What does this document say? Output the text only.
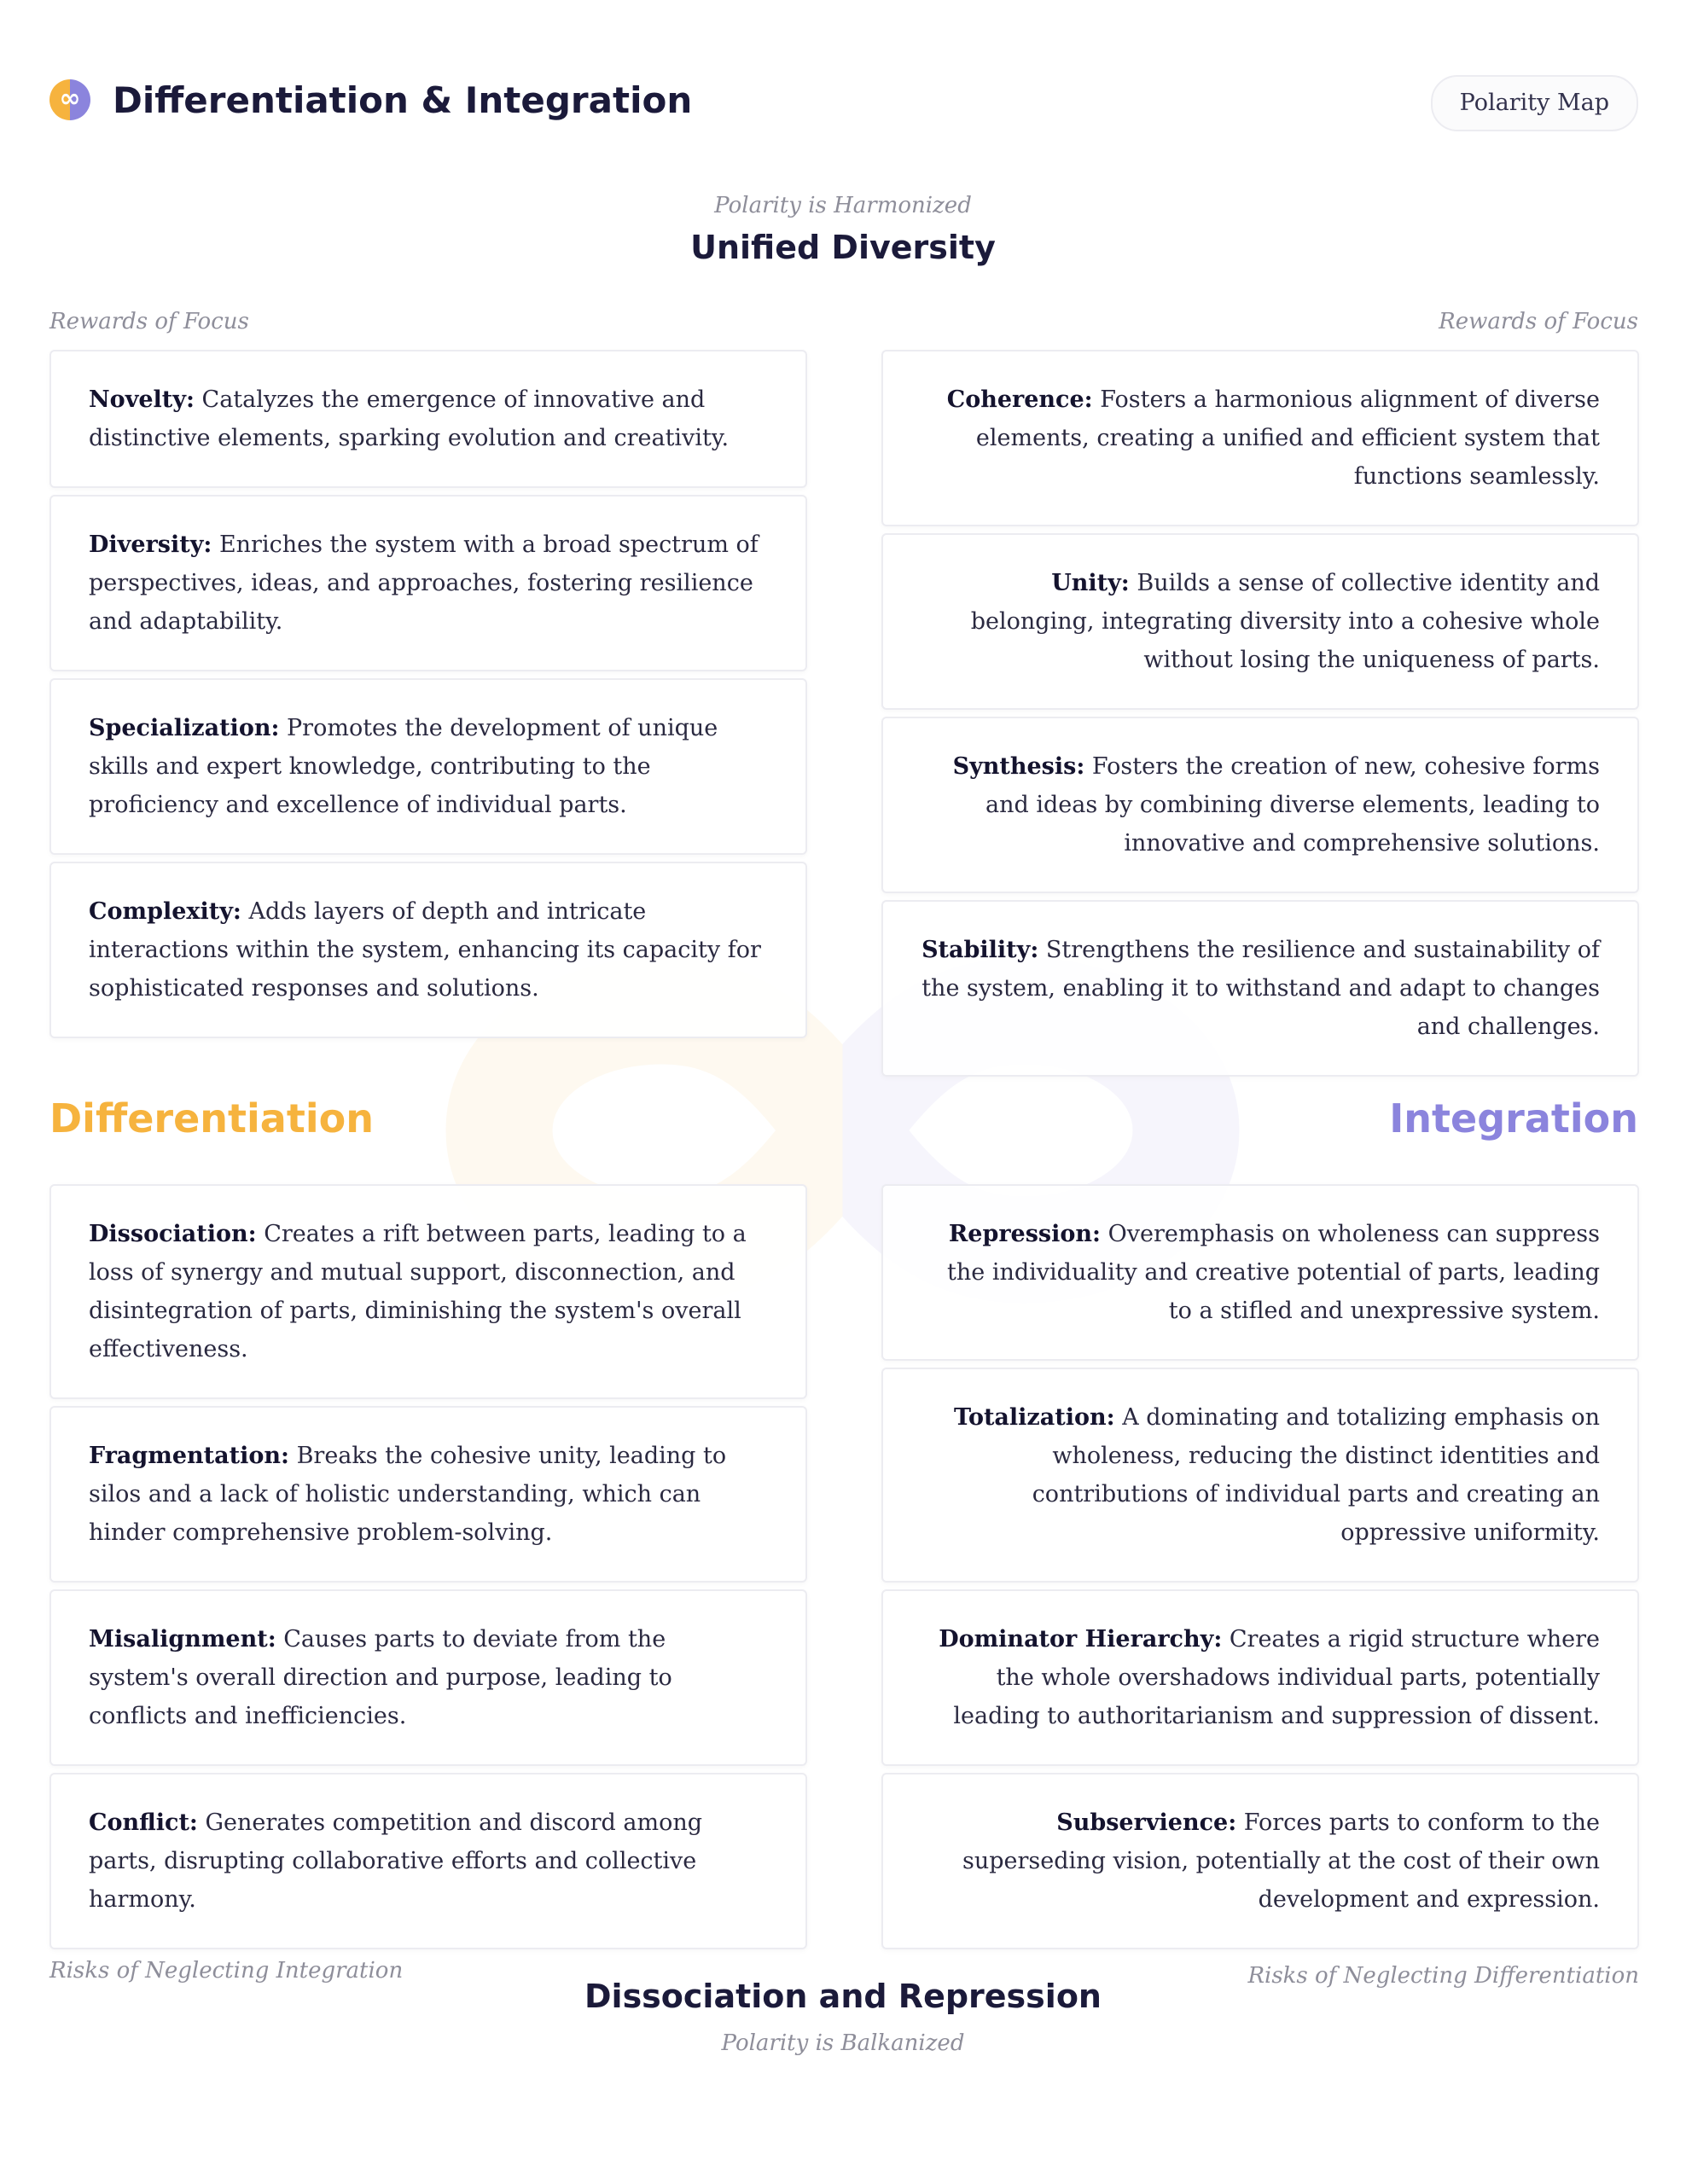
∞ Differentiation & Integration	Polarity Map
Polarity is Harmonized
Unified Diversity
Rewards of Focus	Rewards of Focus
Novelty: Catalyzes the emergence of innovative and distinctive elements, sparking evolution and creativity.
Diversity: Enriches the system with a broad spectrum of perspectives, ideas, and approaches, fostering resilience and adaptability.
Specialization: Promotes the development of unique skills and expert knowledge, contributing to the proficiency and excellence of individual parts.
Complexity: Adds layers of depth and intricate interactions within the system, enhancing its capacity for sophisticated responses and solutions.
Coherence: Fosters a harmonious alignment of diverse elements, creating a unified and efficient system that functions seamlessly.
Unity: Builds a sense of collective identity and belonging, integrating diversity into a cohesive whole without losing the uniqueness of parts.
Synthesis: Fosters the creation of new, cohesive forms and ideas by combining diverse elements, leading to innovative and comprehensive solutions.
Stability: Strengthens the resilience and sustainability of the system, enabling it to withstand and adapt to changes and challenges.
Differentiation	Integration
Dissociation: Creates a rift between parts, leading to a loss of synergy and mutual support, disconnection, and disintegration of parts, diminishing the system's overall effectiveness.
Fragmentation: Breaks the cohesive unity, leading to silos and a lack of holistic understanding, which can hinder comprehensive problem-solving.
Misalignment: Causes parts to deviate from the system's overall direction and purpose, leading to conflicts and inefficiencies.
Conflict: Generates competition and discord among parts, disrupting collaborative efforts and collective harmony.
Risks of Neglecting Integration
Repression: Overemphasis on wholeness can suppress the individuality and creative potential of parts, leading to a stifled and unexpressive system.
Totalization: A dominating and totalizing emphasis on wholeness, reducing the distinct identities and contributions of individual parts and creating an oppressive uniformity.
Dominator Hierarchy: Creates a rigid structure where the whole overshadows individual parts, potentially leading to authoritarianism and suppression of dissent.
Subservience: Forces parts to conform to the superseding vision, potentially at the cost of their own development and expression.
Risks of Neglecting Differentiation
Dissociation and Repression
Polarity is Balkanized
